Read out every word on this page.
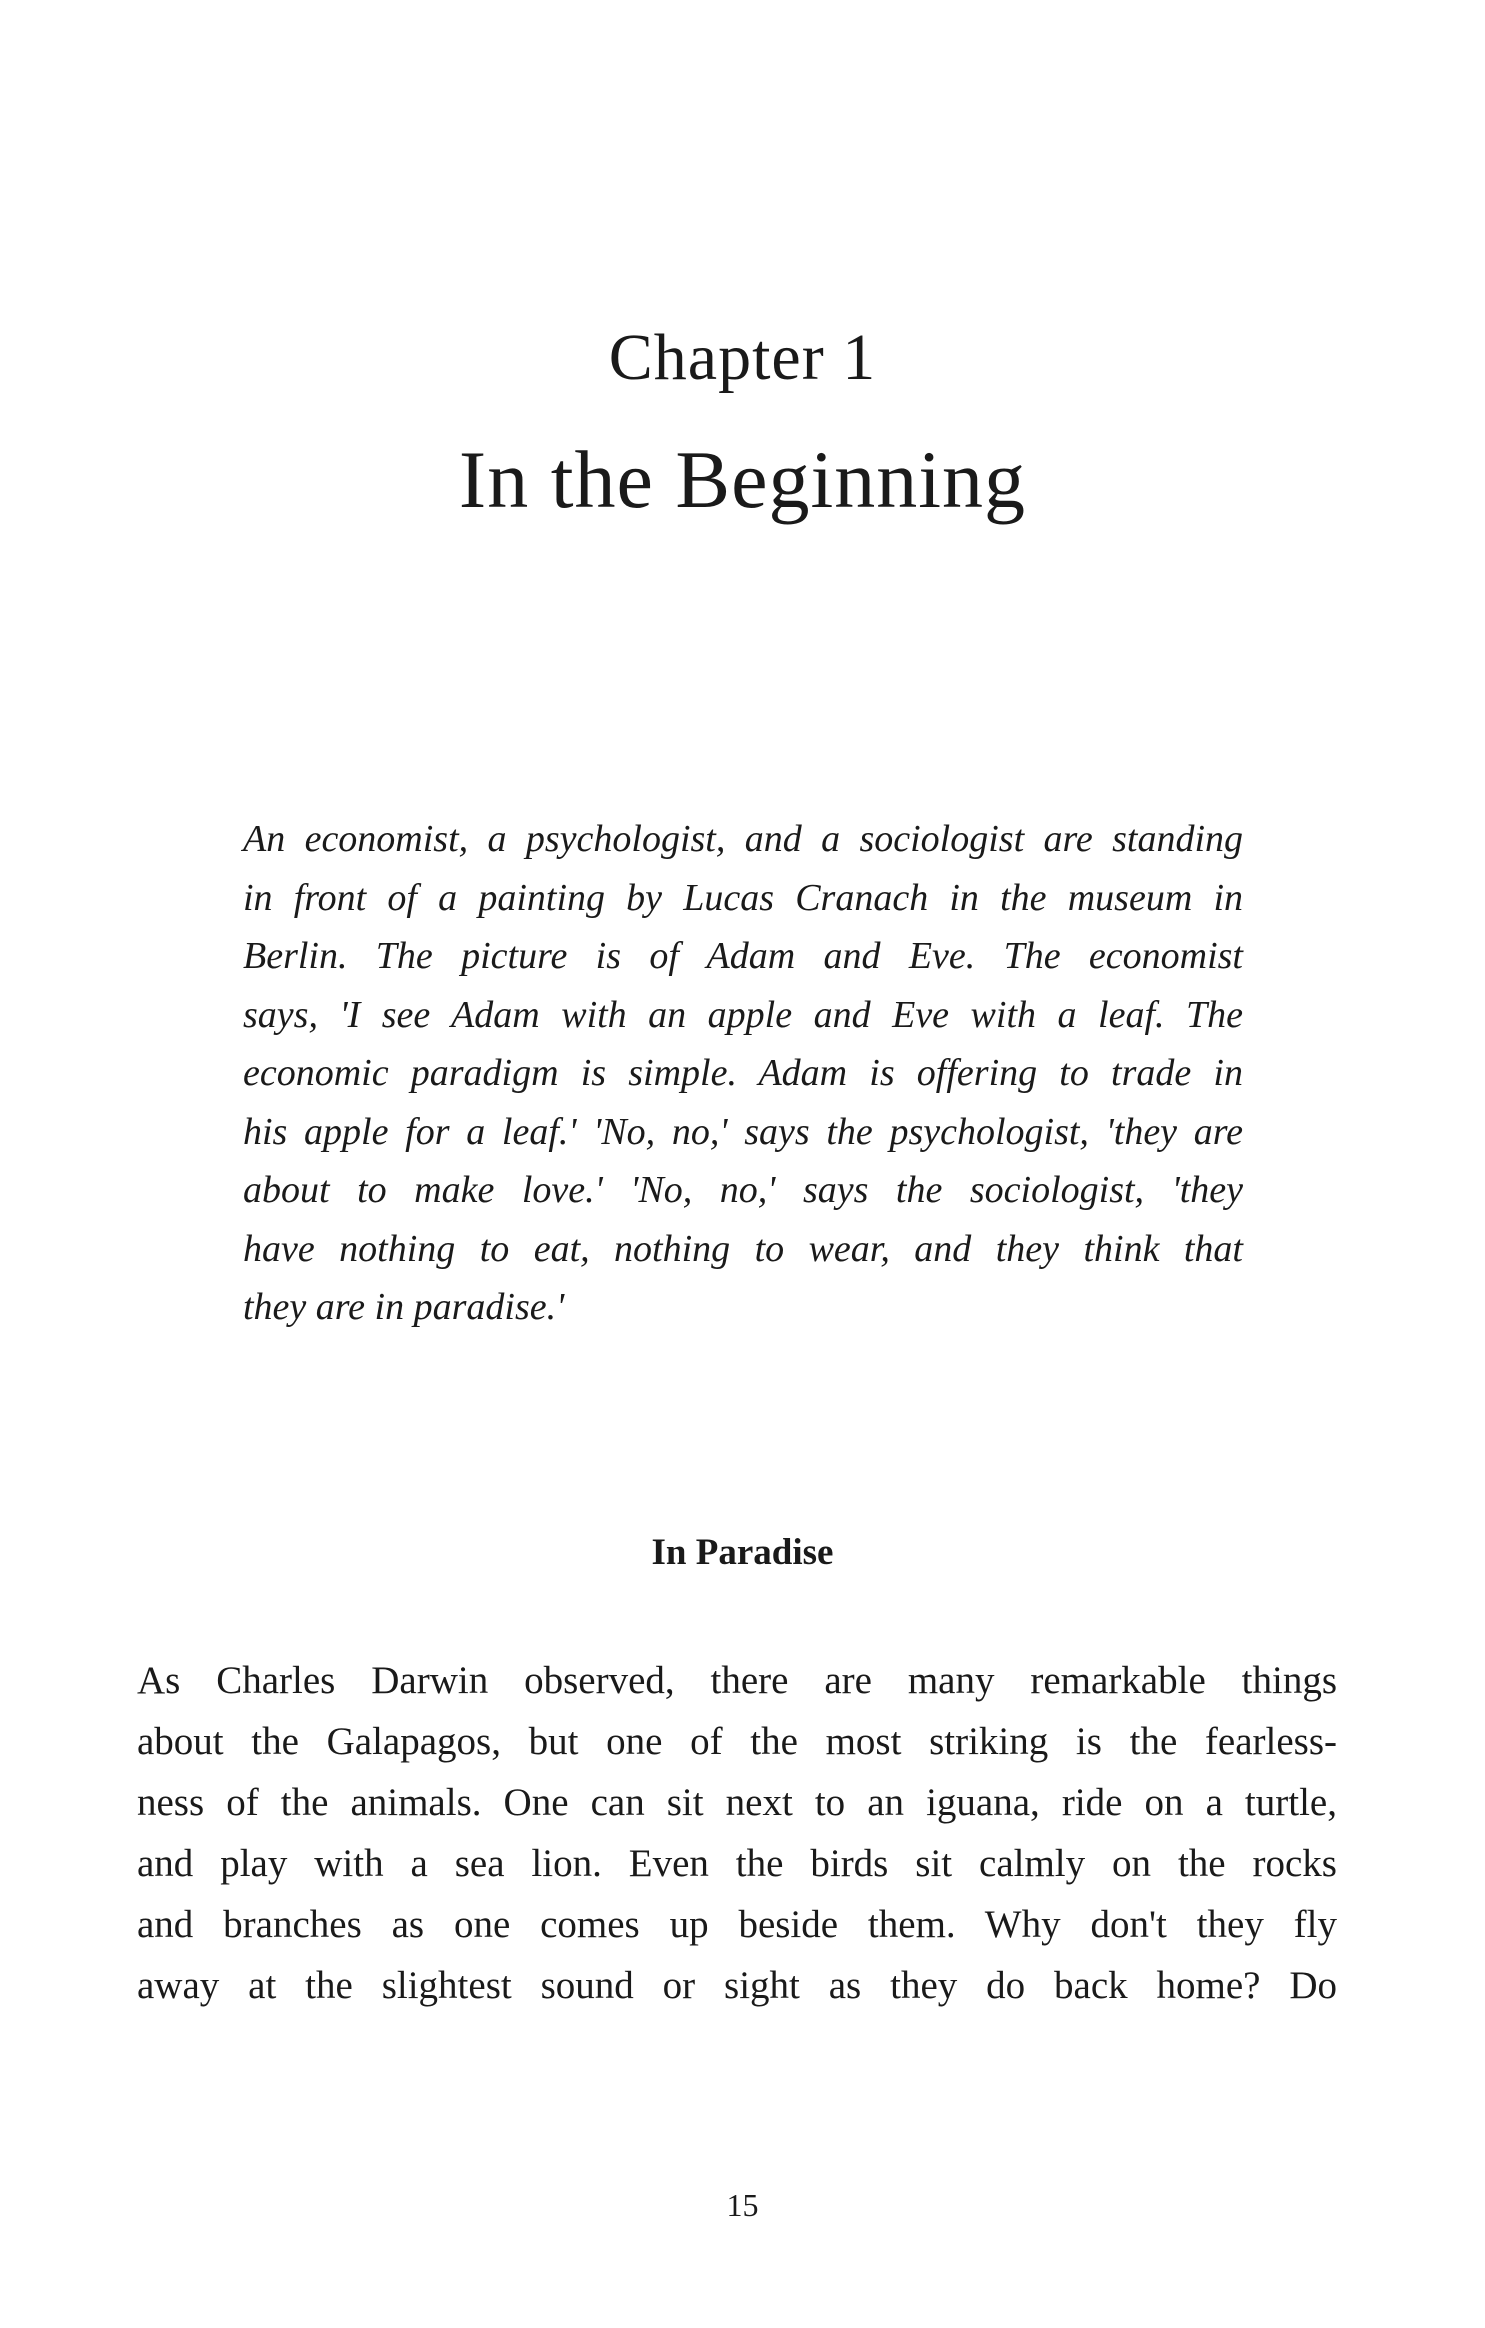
Chapter 1
In the Beginning
An economist, a psychologist, and a sociologist are standing
in front of a painting by Lucas Cranach in the museum in
Berlin. The picture is of Adam and Eve. The economist
says, 'I see Adam with an apple and Eve with a leaf. The
economic paradigm is simple. Adam is offering to trade in
his apple for a leaf.' 'No, no,' says the psychologist, 'they are
about to make love.' 'No, no,' says the sociologist, 'they
have nothing to eat, nothing to wear, and they think that
they are in paradise.'
In Paradise
As Charles Darwin observed, there are many remarkable things
about the Galapagos, but one of the most striking is the fearless-
ness of the animals. One can sit next to an iguana, ride on a turtle,
and play with a sea lion. Even the birds sit calmly on the rocks
and branches as one comes up beside them. Why don't they fly
away at the slightest sound or sight as they do back home? Do
15
